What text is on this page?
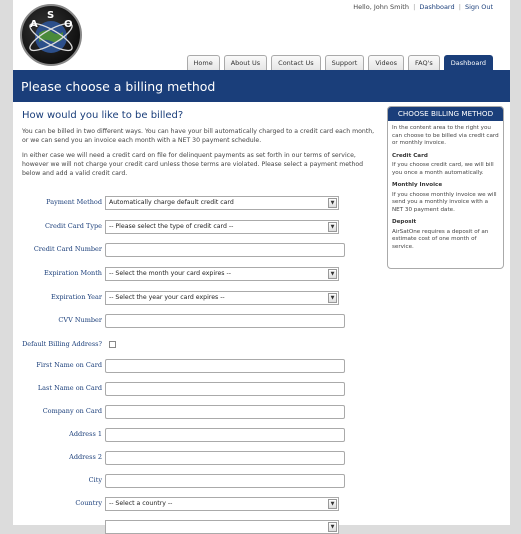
A
S
O
Hello, John Smith | Dashboard | Sign Out
Home	About Us	Contact Us	Support	Videos	FAQ's	Dashboard
Please choose a billing method
How would you like to be billed?

You can be billed in two different ways. You can have your bill automatically charged to a credit card each month, or we can send you an invoice each month with a NET 30 payment schedule.

In either case we will need a credit card on file for delinquent payments as set forth in our terms of service, however we will not charge your credit card unless those terms are violated. Please select a payment method below and add a valid credit card.

Payment Method	Automatically charge default credit card	▼
Credit Card Type	-- Please select the type of credit card --	▼
Credit Card Number
Expiration Month	-- Select the month your card expires --	▼
Expiration Year	-- Select the year your card expires --	▼
CVV Number
Default Billing Address?
First Name on Card
Last Name on Card
Company on Card
Address 1
Address 2
City
Country	-- Select a country --	▼
▼
CHOOSE BILLING METHOD
In the content area to the right you can choose to be billed via credit card or monthly invoice.
Credit Card
If you choose credit card, we will bill you once a month automatically.
Monthly Invoice
If you choose monthly invoice we will send you a monthly invoice with a NET 30 payment date.
Deposit
AirSatOne requires a deposit of an estimate cost of one month of service.
